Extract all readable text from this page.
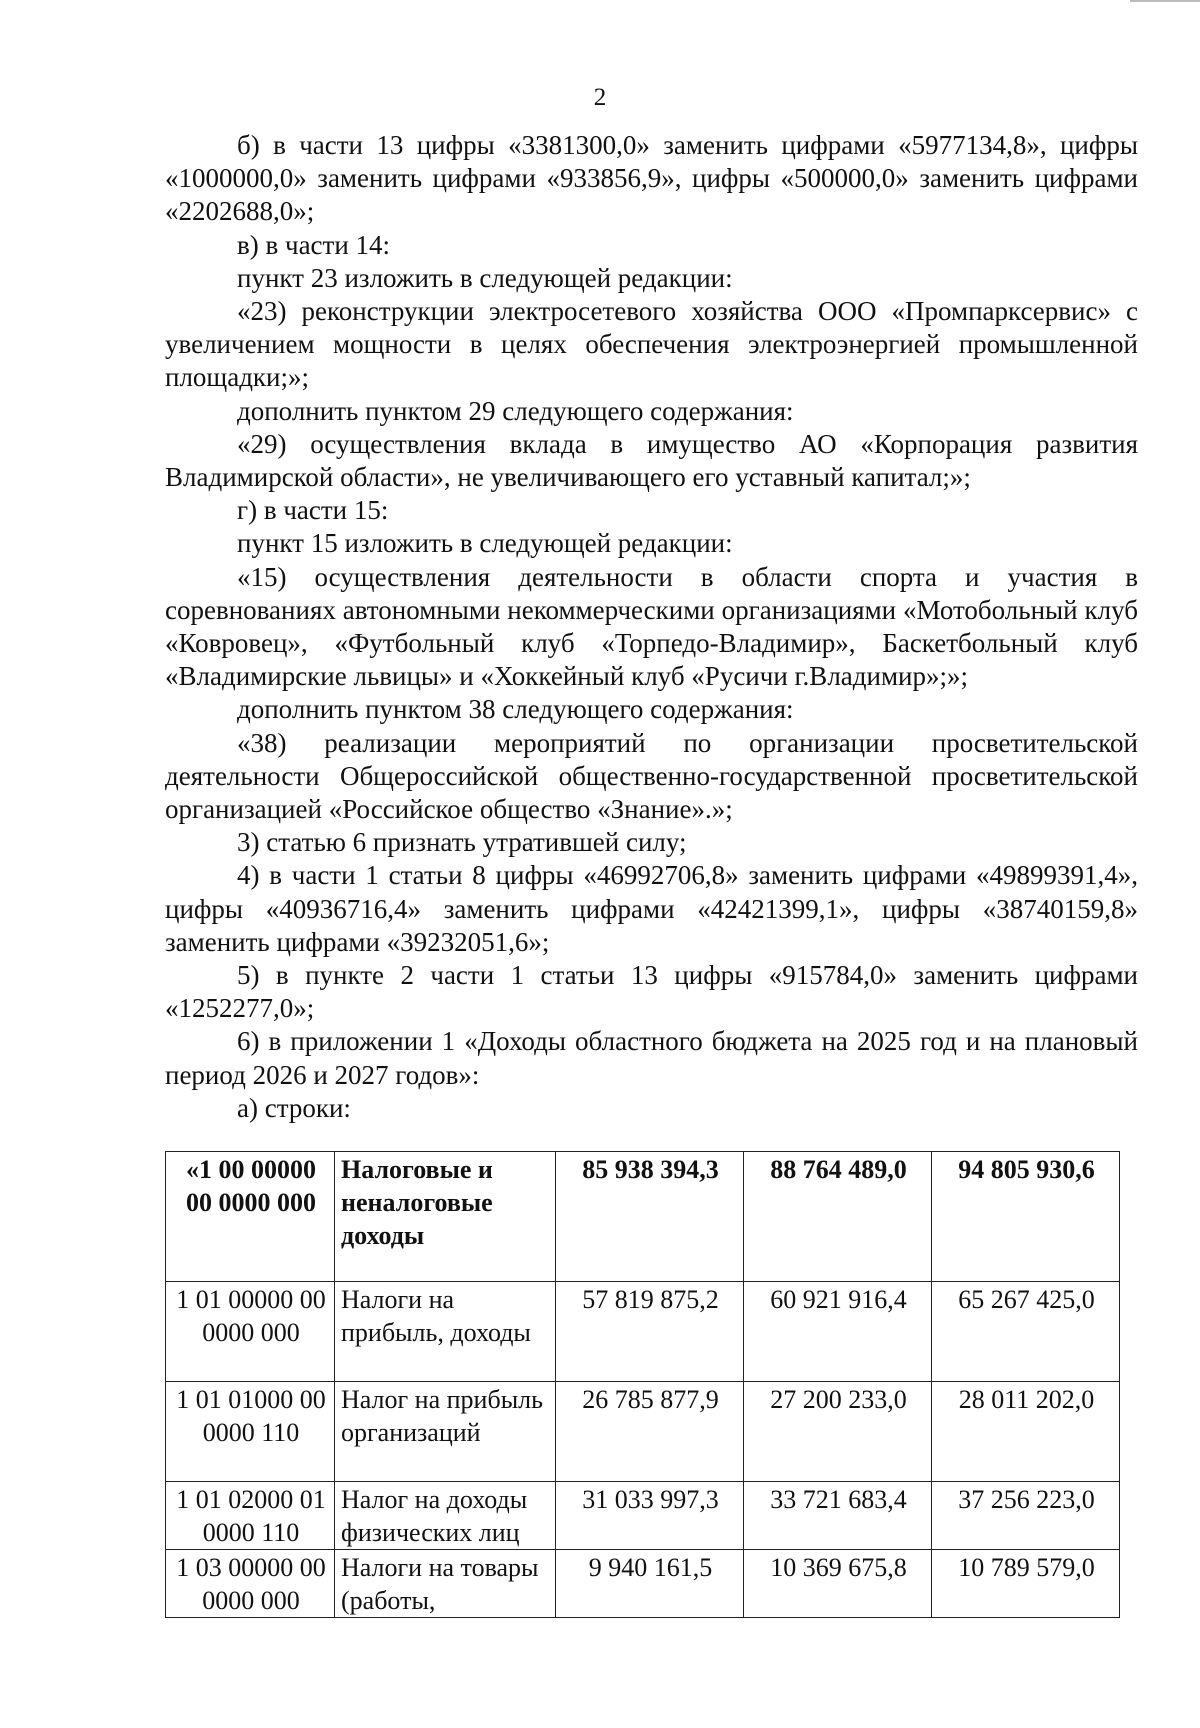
2

б) в части 13 цифры «3381300,0» заменить цифрами «5977134,8», цифры «1000000,0» заменить цифрами «933856,9», цифры «500000,0» заменить цифрами «2202688,0»;

в) в части 14:

пункт 23 изложить в следующей редакции:

«23) реконструкции электросетевого хозяйства ООО «Промпарксервис» с увеличением мощности в целях обеспечения электроэнергией промышленной площадки;»;

дополнить пунктом 29 следующего содержания:

«29) осуществления вклада в имущество АО «Корпорация развития Владимирской области», не увеличивающего его уставный капитал;»;

г) в части 15:

пункт 15 изложить в следующей редакции:

«15) осуществления деятельности в области спорта и участия в соревнованиях автономными некоммерческими организациями «Мотобольный клуб «Ковровец», «Футбольный клуб «Торпедо-Владимир», Баскетбольный клуб «Владимирские львицы» и «Хоккейный клуб «Русичи г.Владимир»;»;

дополнить пунктом 38 следующего содержания:

«38) реализации мероприятий по организации просветительской деятельности Общероссийской общественно-государственной просветительской организацией «Российское общество «Знание».»;

3) статью 6 признать утратившей силу;

4) в части 1 статьи 8 цифры «46992706,8» заменить цифрами «49899391,4», цифры «40936716,4» заменить цифрами «42421399,1», цифры «38740159,8» заменить цифрами «39232051,6»;

5) в пункте 2 части 1 статьи 13 цифры «915784,0» заменить цифрами «1252277,0»;

6) в приложении 1 «Доходы областного бюджета на 2025 год и на плановый период 2026 и 2027 годов»:

а) строки:

«1 00 00000 00 0000 000	Налоговые и неналоговые доходы	85 938 394,3	88 764 489,0	94 805 930,6
1 01 00000 00 0000 000	Налоги на прибыль, доходы	57 819 875,2	60 921 916,4	65 267 425,0
1 01 01000 00 0000 110	Налог на прибыль организаций	26 785 877,9	27 200 233,0	28 011 202,0
1 01 02000 01 0000 110	Налог на доходы физических лиц	31 033 997,3	33 721 683,4	37 256 223,0
1 03 00000 00 0000 000	Налоги на товары (работы,	9 940 161,5	10 369 675,8	10 789 579,0
